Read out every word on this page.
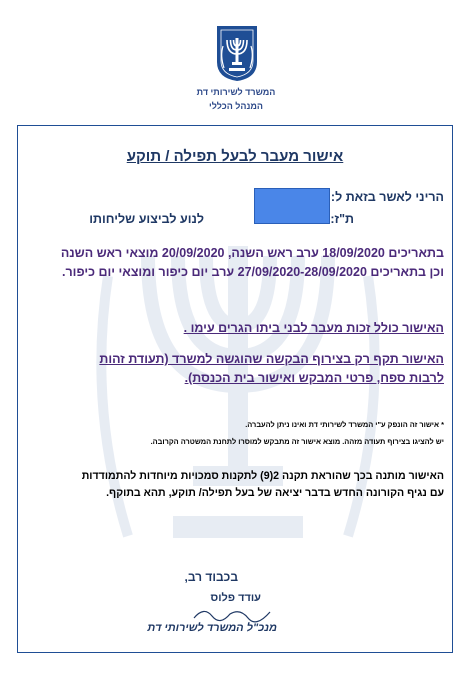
המשרד לשירותי דת
המנהל הכללי
אישור מעבר לבעל תפילה / תוקע
הריני לאשר בזאת ל:
ת"ז:
לנוע לביצוע שליחותו
בתאריכים 18/09/2020 ערב ראש השנה, 20/09/2020 מוצאי ראש השנה
וכן בתאריכים 27/09/2020-28/09/2020 ערב יום כיפור ומוצאי יום כיפור.
האישור כולל זכות מעבר לבני ביתו הגרים עימו .
האישור תקף רק בצירוף הבקשה שהוגשה למשרד (תעודת זהות
לרבות ספח, פרטי המבקש ואישור בית הכנסת).
* אישור זה הונפק ע"י המשרד לשירותי דת ואינו ניתן להעברה.
יש להציגו בצירוף תעודה מזהה. מוצא אישור זה מתבקש למוסרו לתחנת המשטרה הקרובה.
האישור מותנה בכך שהוראת תקנה 2(9) לתקנות סמכויות מיוחדות להתמודדות
עם נגיף הקורונה החדש בדבר יציאה של בעל תפילה/ תוקע, תהא בתוקף.
בכבוד רב,
עודד פלוס
מנכ"ל המשרד לשירותי דת
